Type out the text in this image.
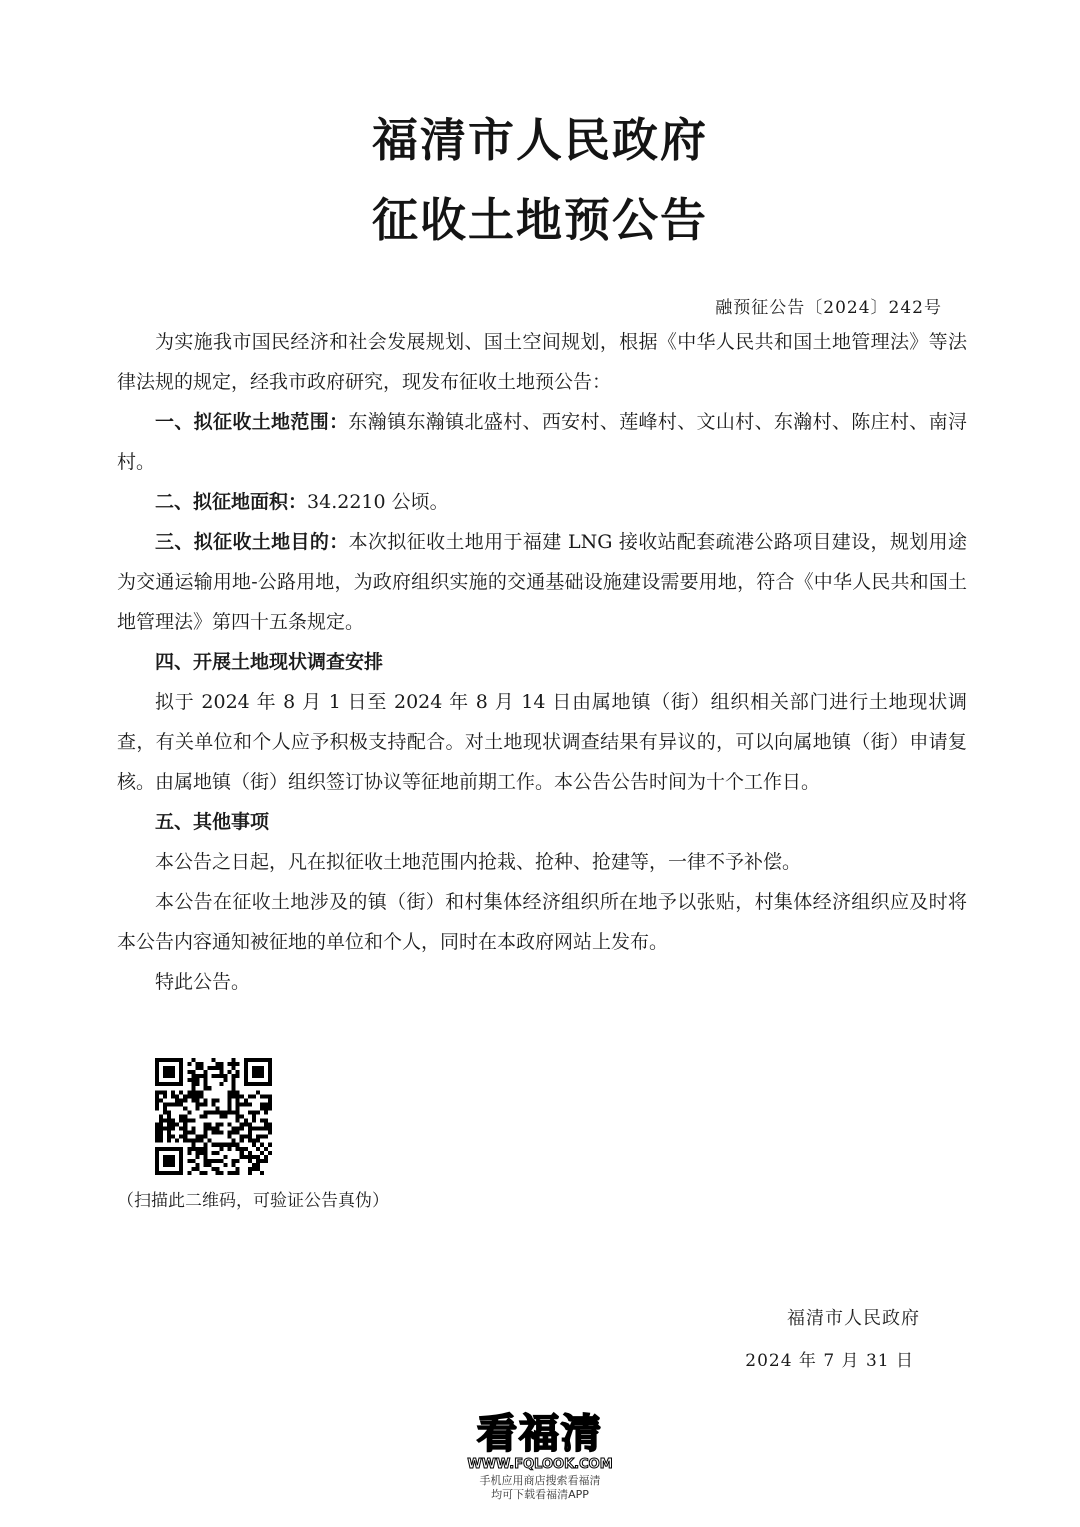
福清市人民政府
征收土地预公告
融预征公告〔2024〕242号

为实施我市国民经济和社会发展规划、国土空间规划，根据《中华人民共和国土地管理法》等法律法规的规定，经我市政府研究，现发布征收土地预公告：

一、拟征收土地范围：东瀚镇东瀚镇北盛村、西安村、莲峰村、文山村、东瀚村、陈庄村、南浔村。

二、拟征地面积：34.2210 公顷。

三、拟征收土地目的：本次拟征收土地用于福建 LNG 接收站配套疏港公路项目建设，规划用途为交通运输用地-公路用地，为政府组织实施的交通基础设施建设需要用地，符合《中华人民共和国土地管理法》第四十五条规定。

四、开展土地现状调查安排

拟于 2024 年 8 月 1 日至 2024 年 8 月 14 日由属地镇（街）组织相关部门进行土地现状调查，有关单位和个人应予积极支持配合。对土地现状调查结果有异议的，可以向属地镇（街）申请复核。由属地镇（街）组织签订协议等征地前期工作。本公告公告时间为十个工作日。

五、其他事项

本公告之日起，凡在拟征收土地范围内抢栽、抢种、抢建等，一律不予补偿。

本公告在征收土地涉及的镇（街）和村集体经济组织所在地予以张贴，村集体经济组织应及时将本公告内容通知被征地的单位和个人，同时在本政府网站上发布。

特此公告。

（扫描此二维码，可验证公告真伪）
福清市人民政府
2024 年 7 月 31 日
看福清
WWW.FQLOOK.COM
手机应用商店搜索看福清
均可下载看福清APP
